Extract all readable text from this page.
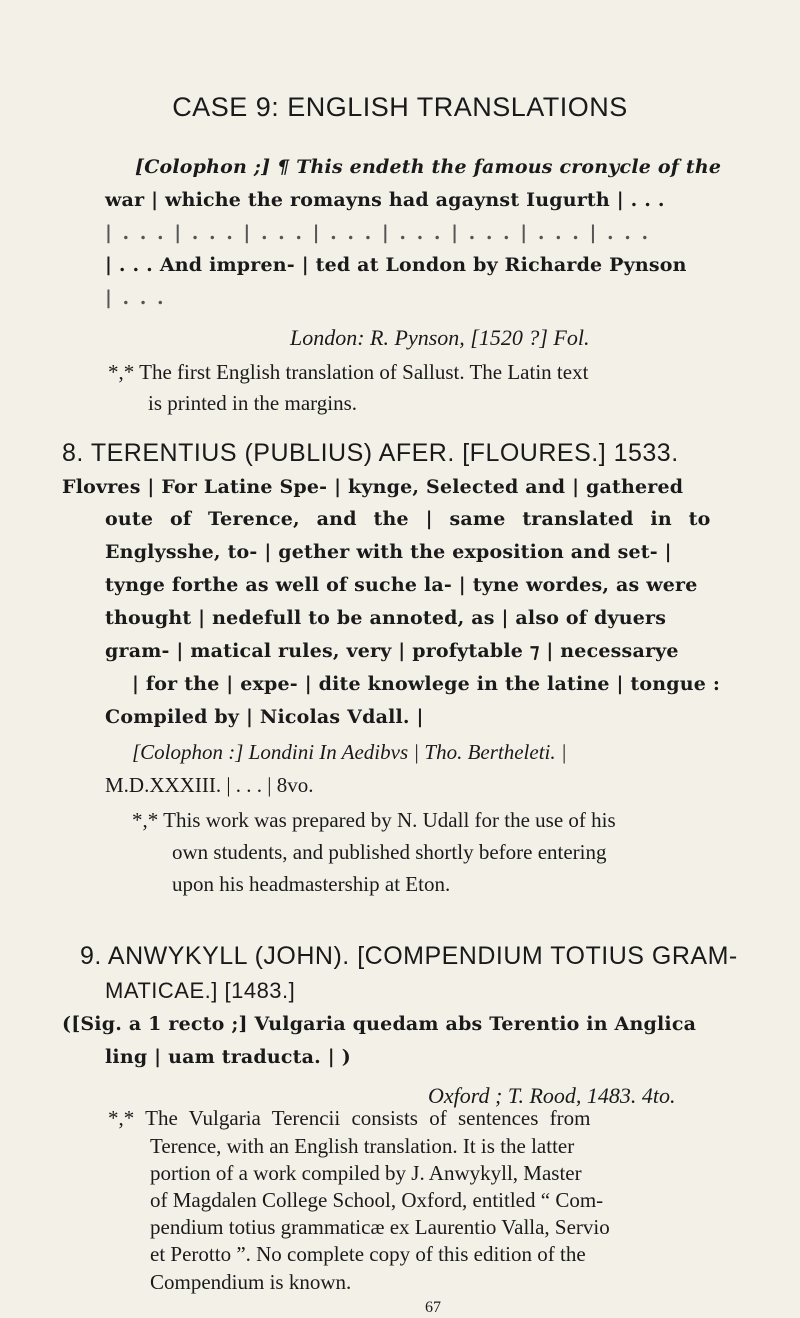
CASE 9: ENGLISH TRANSLATIONS
[Colophon ;] ¶ This endeth the famous cronycle of the
war | whiche the romayns had agaynst Iugurth | . . .
| . . . | . . . | . . . | . . . | . . . | . . . | . . . | . . .
| . . . And impren- | ted at London by Richarde Pynson
| . . .
London: R. Pynson, [1520 ?] Fol.
*,* The first English translation of Sallust. The Latin text
is printed in the margins.
8. TERENTIUS (PUBLIUS) AFER. [FLOURES.] 1533.
Flovres | For Latine Spe- | kynge, Selected and | gathered
oute of Terence, and the | same translated in to
Englysshe, to- | gether with the exposition and set- |
tynge forthe as well of suche la- | tyne wordes, as were
thought | nedefull to be annoted, as | also of dyuers
gram- | matical rules, very | profytable ⁊ | necessarye
| for the | expe- | dite knowlege in the latine | tongue :
Compiled by | Nicolas Vdall. |
[Colophon :] Londini In Aedibvs | Tho. Bertheleti. |
M.D.XXXIII. | . . . | 8vo.
*,* This work was prepared by N. Udall for the use of his
own students, and published shortly before entering
upon his headmastership at Eton.
9. ANWYKYLL (JOHN). [COMPENDIUM TOTIUS GRAM-
MATICAE.] [1483.]
([Sig. a 1 recto ;] Vulgaria quedam abs Terentio in Anglica
ling | uam traducta. | )
Oxford ; T. Rood, 1483. 4to.
*,* The Vulgaria Terencii consists of sentences from
Terence, with an English translation. It is the latter
portion of a work compiled by J. Anwykyll, Master
of Magdalen College School, Oxford, entitled “ Com-
pendium totius grammaticæ ex Laurentio Valla, Servio
et Perotto ”. No complete copy of this edition of the
Compendium is known.
67
